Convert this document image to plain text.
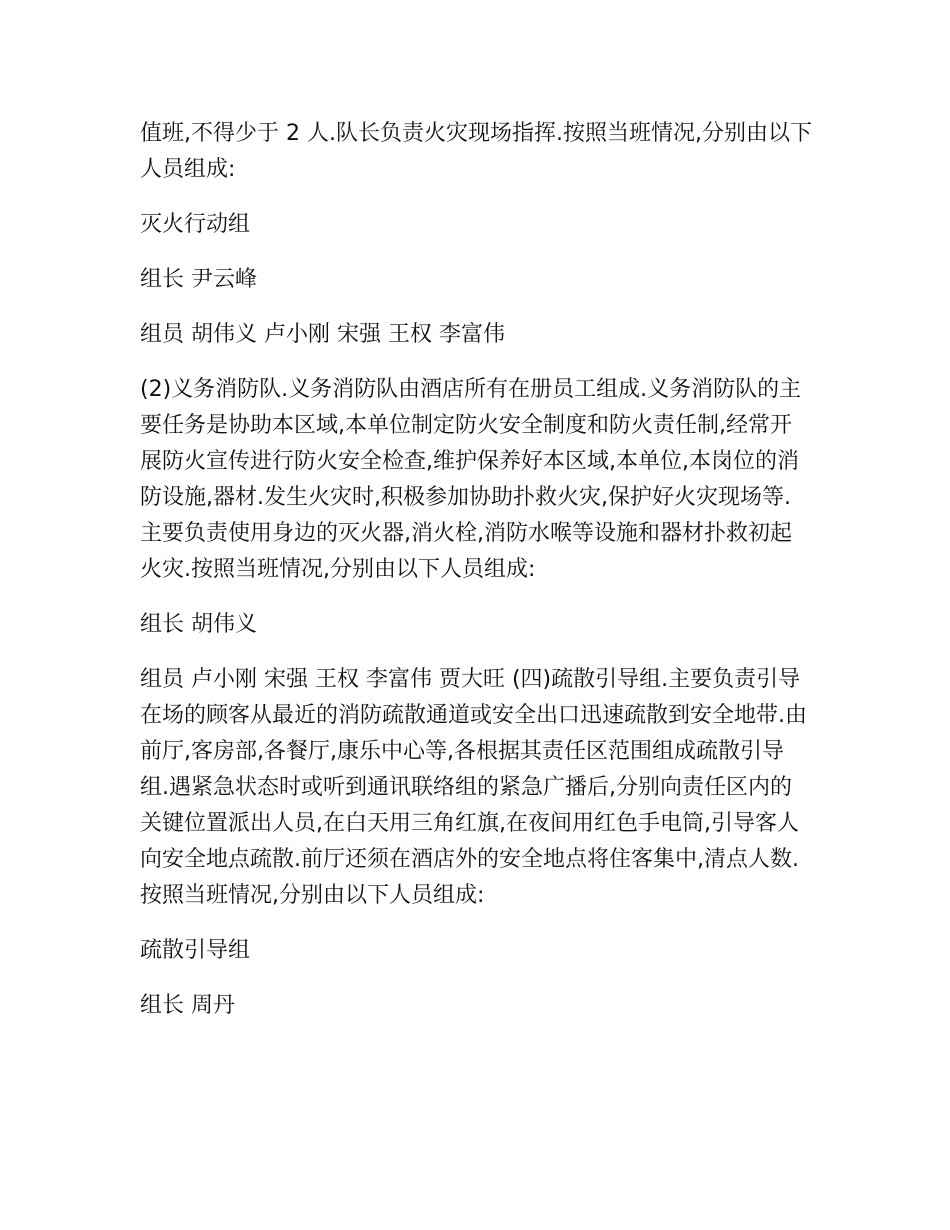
值班,不得少于 2 人.队长负责火灾现场指挥.按照当班情况,分别由以下人员组成:

灭火行动组

组长 尹云峰

组员 胡伟义 卢小刚 宋强 王权 李富伟

(2)义务消防队.义务消防队由酒店所有在册员工组成.义务消防队的主要任务是协助本区域,本单位制定防火安全制度和防火责任制,经常开展防火宣传进行防火安全检查,维护保养好本区域,本单位,本岗位的消防设施,器材.发生火灾时,积极参加协助扑救火灾,保护好火灾现场等.主要负责使用身边的灭火器,消火栓,消防水喉等设施和器材扑救初起火灾.按照当班情况,分别由以下人员组成:

组长 胡伟义

组员 卢小刚 宋强 王权 李富伟 贾大旺 (四)疏散引导组.主要负责引导在场的顾客从最近的消防疏散通道或安全出口迅速疏散到安全地带.由前厅,客房部,各餐厅,康乐中心等,各根据其责任区范围组成疏散引导组.遇紧急状态时或听到通讯联络组的紧急广播后,分别向责任区内的关键位置派出人员,在白天用三角红旗,在夜间用红色手电筒,引导客人向安全地点疏散.前厅还须在酒店外的安全地点将住客集中,清点人数.按照当班情况,分别由以下人员组成:

疏散引导组

组长 周丹
